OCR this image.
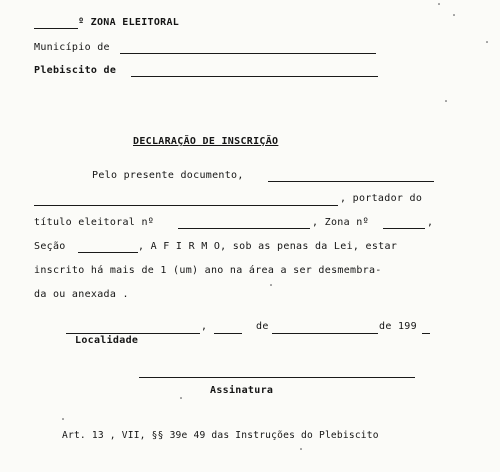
º ZONA ELEITORAL
Município de
Plebiscito de
DECLARAÇÃO DE INSCRIÇÃO
Pelo presente documento,
, portador do
título eleitoral nº	, Zona nº	,
Seção	, A F I R M O, sob as penas da Lei, estar
inscrito há mais de 1 (um) ano na área a ser desmembra-
da ou anexada .
,	de	de 199
Localidade
Assinatura
Art. 13 , VII, §§ 39e 49 das Instruções do Plebiscito
